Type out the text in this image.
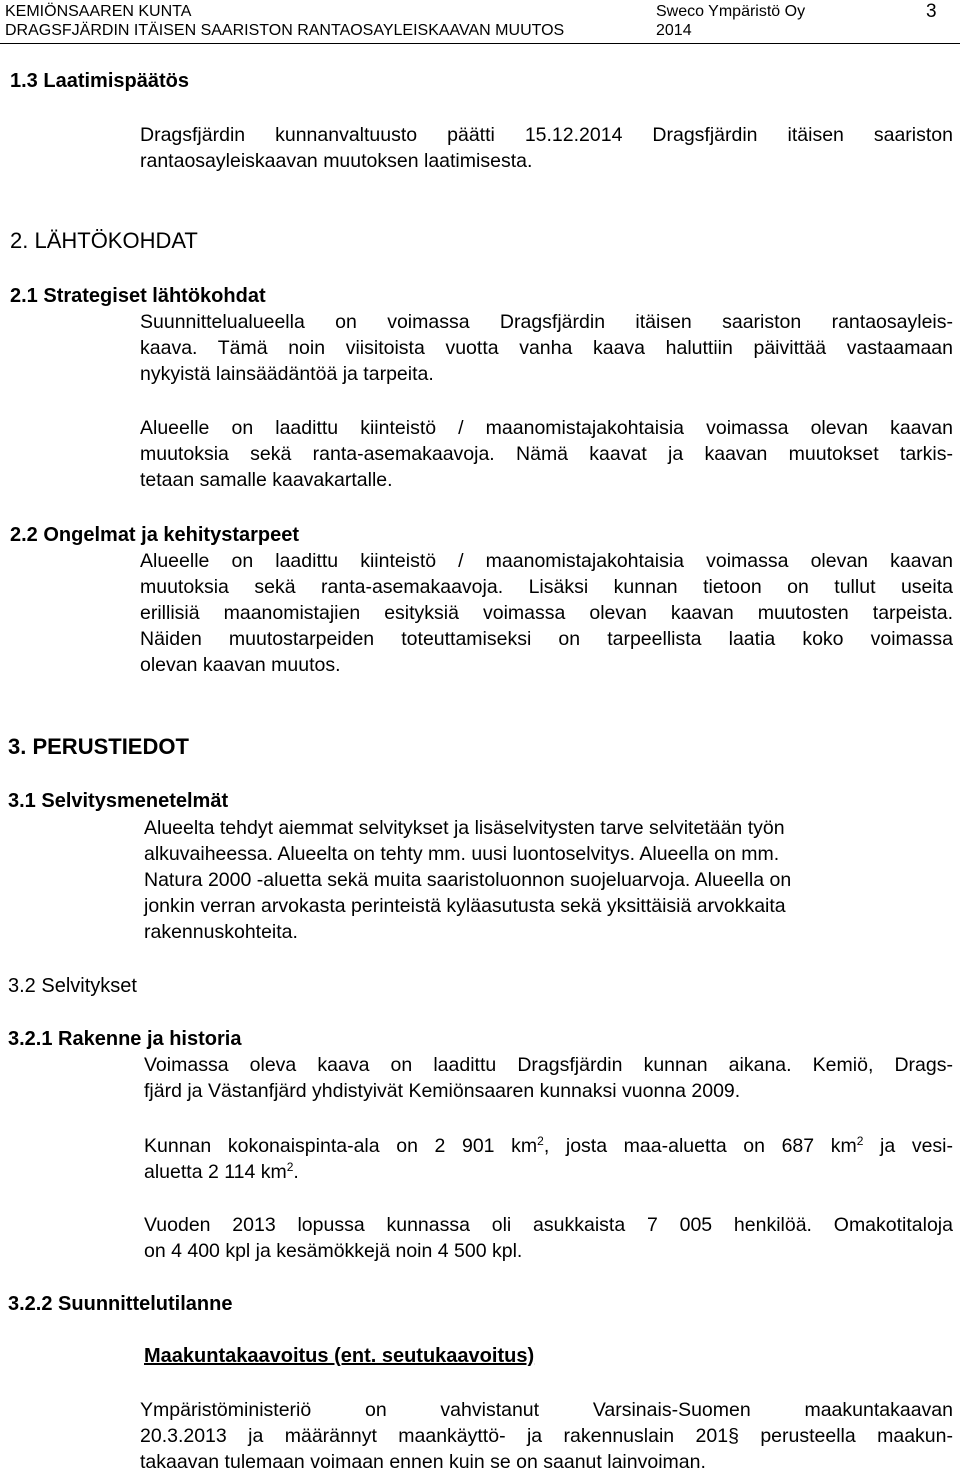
KEMIÖNSAAREN KUNTA
DRAGSFJÄRDIN ITÄISEN SAARISTON RANTAOSAYLEISKAAVAN MUUTOS
Sweco Ympäristö Oy
2014
3
1.3 Laatimispäätös
Dragsfjärdin kunnanvaltuusto päätti 15.12.2014 Dragsfjärdin itäisen saariston
rantaosayleiskaavan muutoksen laatimisesta.
2. LÄHTÖKOHDAT
2.1 Strategiset lähtökohdat
Suunnittelualueella on voimassa Dragsfjärdin itäisen saariston rantaosayleis-
kaava. Tämä noin viisitoista vuotta vanha kaava haluttiin päivittää vastaamaan
nykyistä lainsäädäntöä ja tarpeita.
Alueelle on laadittu kiinteistö / maanomistajakohtaisia voimassa olevan kaavan
muutoksia sekä ranta-asemakaavoja. Nämä kaavat ja kaavan muutokset tarkis-
tetaan samalle kaavakartalle.
2.2 Ongelmat ja kehitystarpeet
Alueelle on laadittu kiinteistö / maanomistajakohtaisia voimassa olevan kaavan
muutoksia sekä ranta-asemakaavoja. Lisäksi kunnan tietoon on tullut useita
erillisiä maanomistajien esityksiä voimassa olevan kaavan muutosten tarpeista.
Näiden muutostarpeiden toteuttamiseksi on tarpeellista laatia koko voimassa
olevan kaavan muutos.
3. PERUSTIEDOT
3.1 Selvitysmenetelmät
Alueelta tehdyt aiemmat selvitykset ja lisäselvitysten tarve selvitetään työn
alkuvaiheessa. Alueelta on tehty mm. uusi luontoselvitys. Alueella on mm.
Natura 2000 -aluetta sekä muita saaristoluonnon suojeluarvoja. Alueella on
jonkin verran arvokasta perinteistä kyläasutusta sekä yksittäisiä arvokkaita
rakennuskohteita.
3.2 Selvitykset
3.2.1 Rakenne ja historia
Voimassa oleva kaava on laadittu Dragsfjärdin kunnan aikana. Kemiö, Drags-
fjärd ja Västanfjärd yhdistyivät Kemiönsaaren kunnaksi vuonna 2009.
Kunnan kokonaispinta-ala on 2 901 $km^2$, josta maa-aluetta on 687 $km^2$ ja vesi-
aluetta 2 114 $km^2$.
Vuoden 2013 lopussa kunnassa oli asukkaista 7 005 henkilöä. Omakotitaloja
on 4 400 kpl ja kesämökkejä noin 4 500 kpl.
3.2.2 Suunnittelutilanne
Maakuntakaavoitus (ent. seutukaavoitus)
Ympäristöministeriö on vahvistanut Varsinais-Suomen maakuntakaavan
20.3.2013 ja määrännyt maankäyttö- ja rakennuslain 201§ perusteella maakun-
takaavan tulemaan voimaan ennen kuin se on saanut lainvoiman.
